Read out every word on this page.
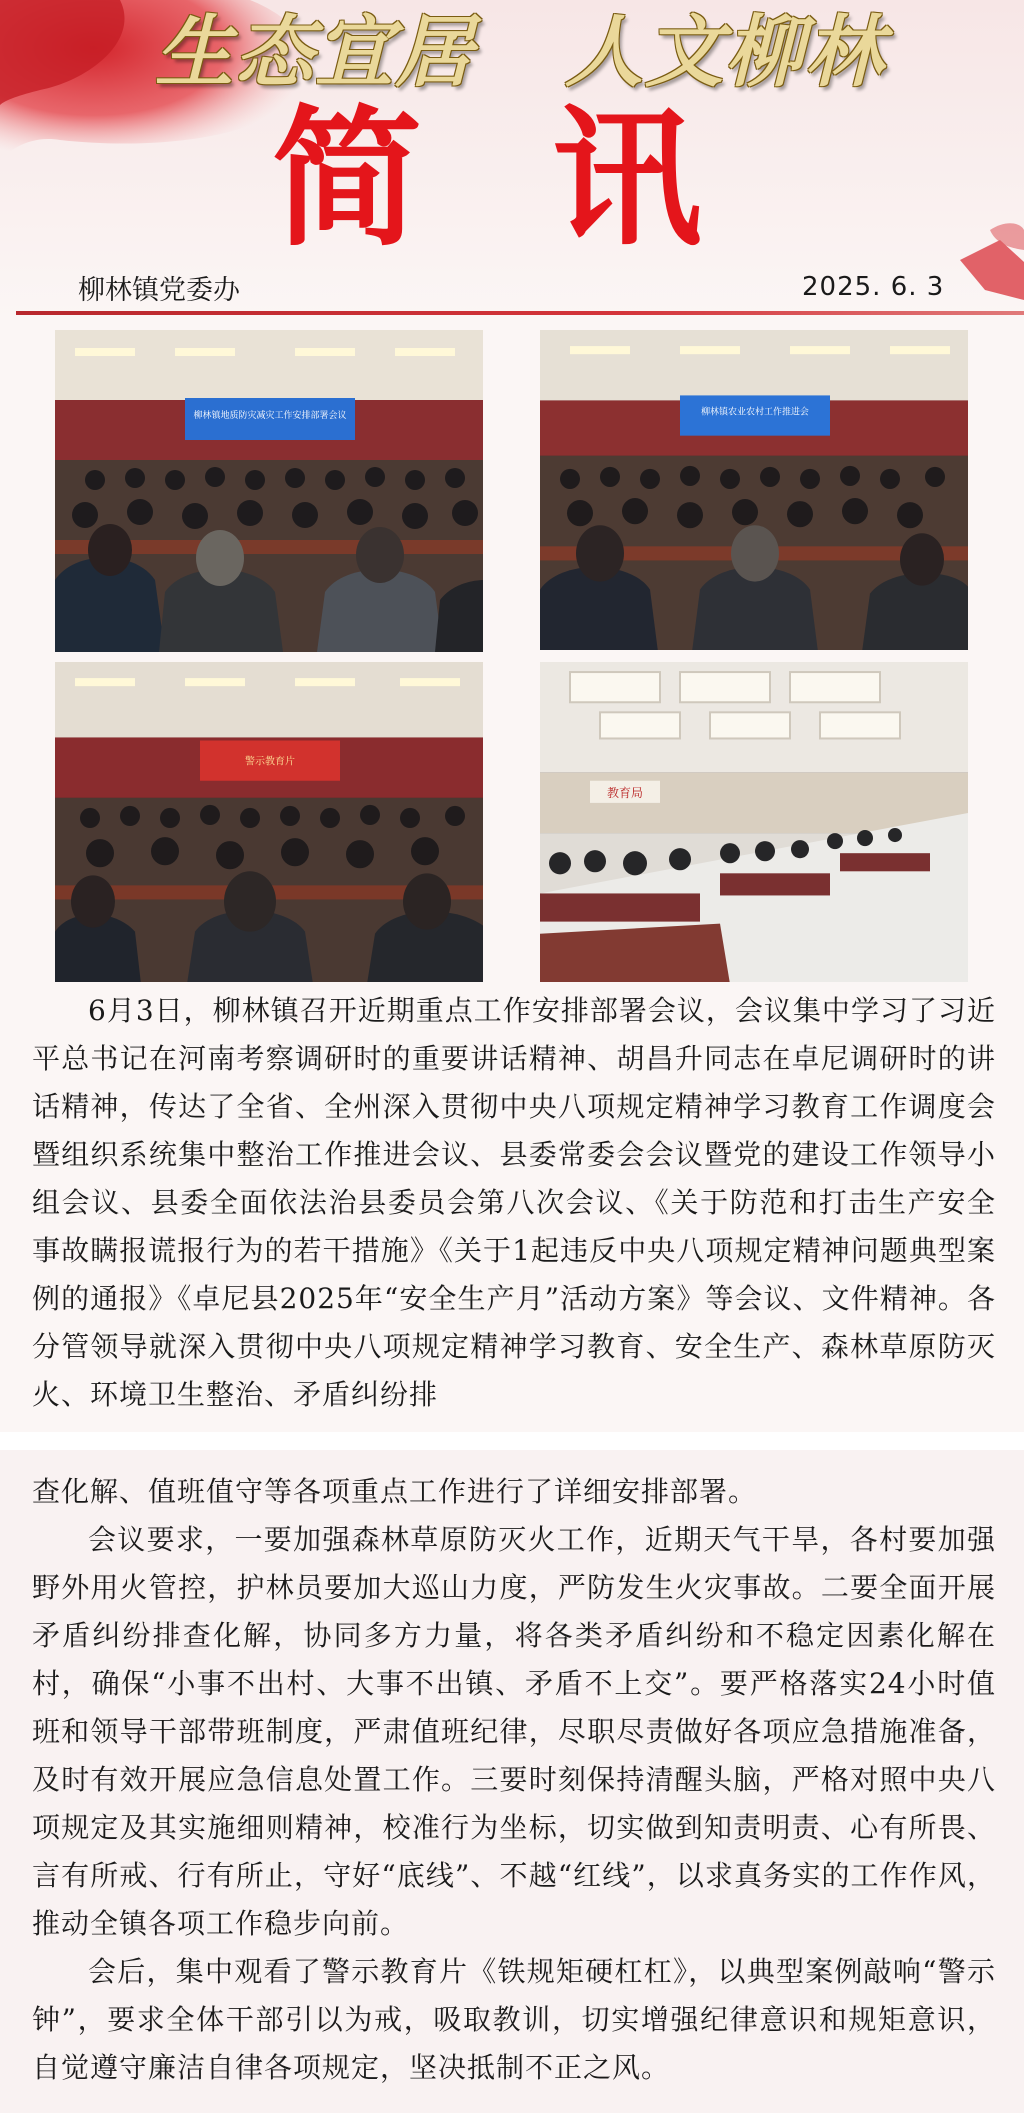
生态宜居 人文柳林
简讯
柳林镇党委办	2025. 6. 3
柳林镇地质防灾减灾工作安排部署会议	柳林镇农业农村工作推进会
警示教育片
教育局

6月3日，柳林镇召开近期重点工作安排部署会议，会议集中学习了习近平总书记在河南考察调研时的重要讲话精神、胡昌升同志在卓尼调研时的讲话精神，传达了全省、全州深入贯彻中央八项规定精神学习教育工作调度会暨组织系统集中整治工作推进会议、县委常委会会议暨党的建设工作领导小组会议、县委全面依法治县委员会第八次会议、《关于防范和打击生产安全事故瞒报谎报行为的若干措施》《关于1起违反中央八项规定精神问题典型案例的通报》《卓尼县2025年“安全生产月”活动方案》等会议、文件精神。各分管领导就深入贯彻中央八项规定精神学习教育、安全生产、森林草原防灭火、环境卫生整治、矛盾纠纷排

查化解、值班值守等各项重点工作进行了详细安排部署。

会议要求，一要加强森林草原防灭火工作，近期天气干旱，各村要加强野外用火管控，护林员要加大巡山力度，严防发生火灾事故。二要全面开展矛盾纠纷排查化解，协同多方力量，将各类矛盾纠纷和不稳定因素化解在村，确保“小事不出村、大事不出镇、矛盾不上交”。要严格落实24小时值班和领导干部带班制度，严肃值班纪律，尽职尽责做好各项应急措施准备，及时有效开展应急信息处置工作。三要时刻保持清醒头脑，严格对照中央八项规定及其实施细则精神，校准行为坐标，切实做到知责明责、心有所畏、言有所戒、行有所止，守好“底线”、不越“红线”，以求真务实的工作作风，推动全镇各项工作稳步向前。

会后，集中观看了警示教育片《铁规矩硬杠杠》，以典型案例敲响“警示钟”，要求全体干部引以为戒，吸取教训，切实增强纪律意识和规矩意识，自觉遵守廉洁自律各项规定，坚决抵制不正之风。
